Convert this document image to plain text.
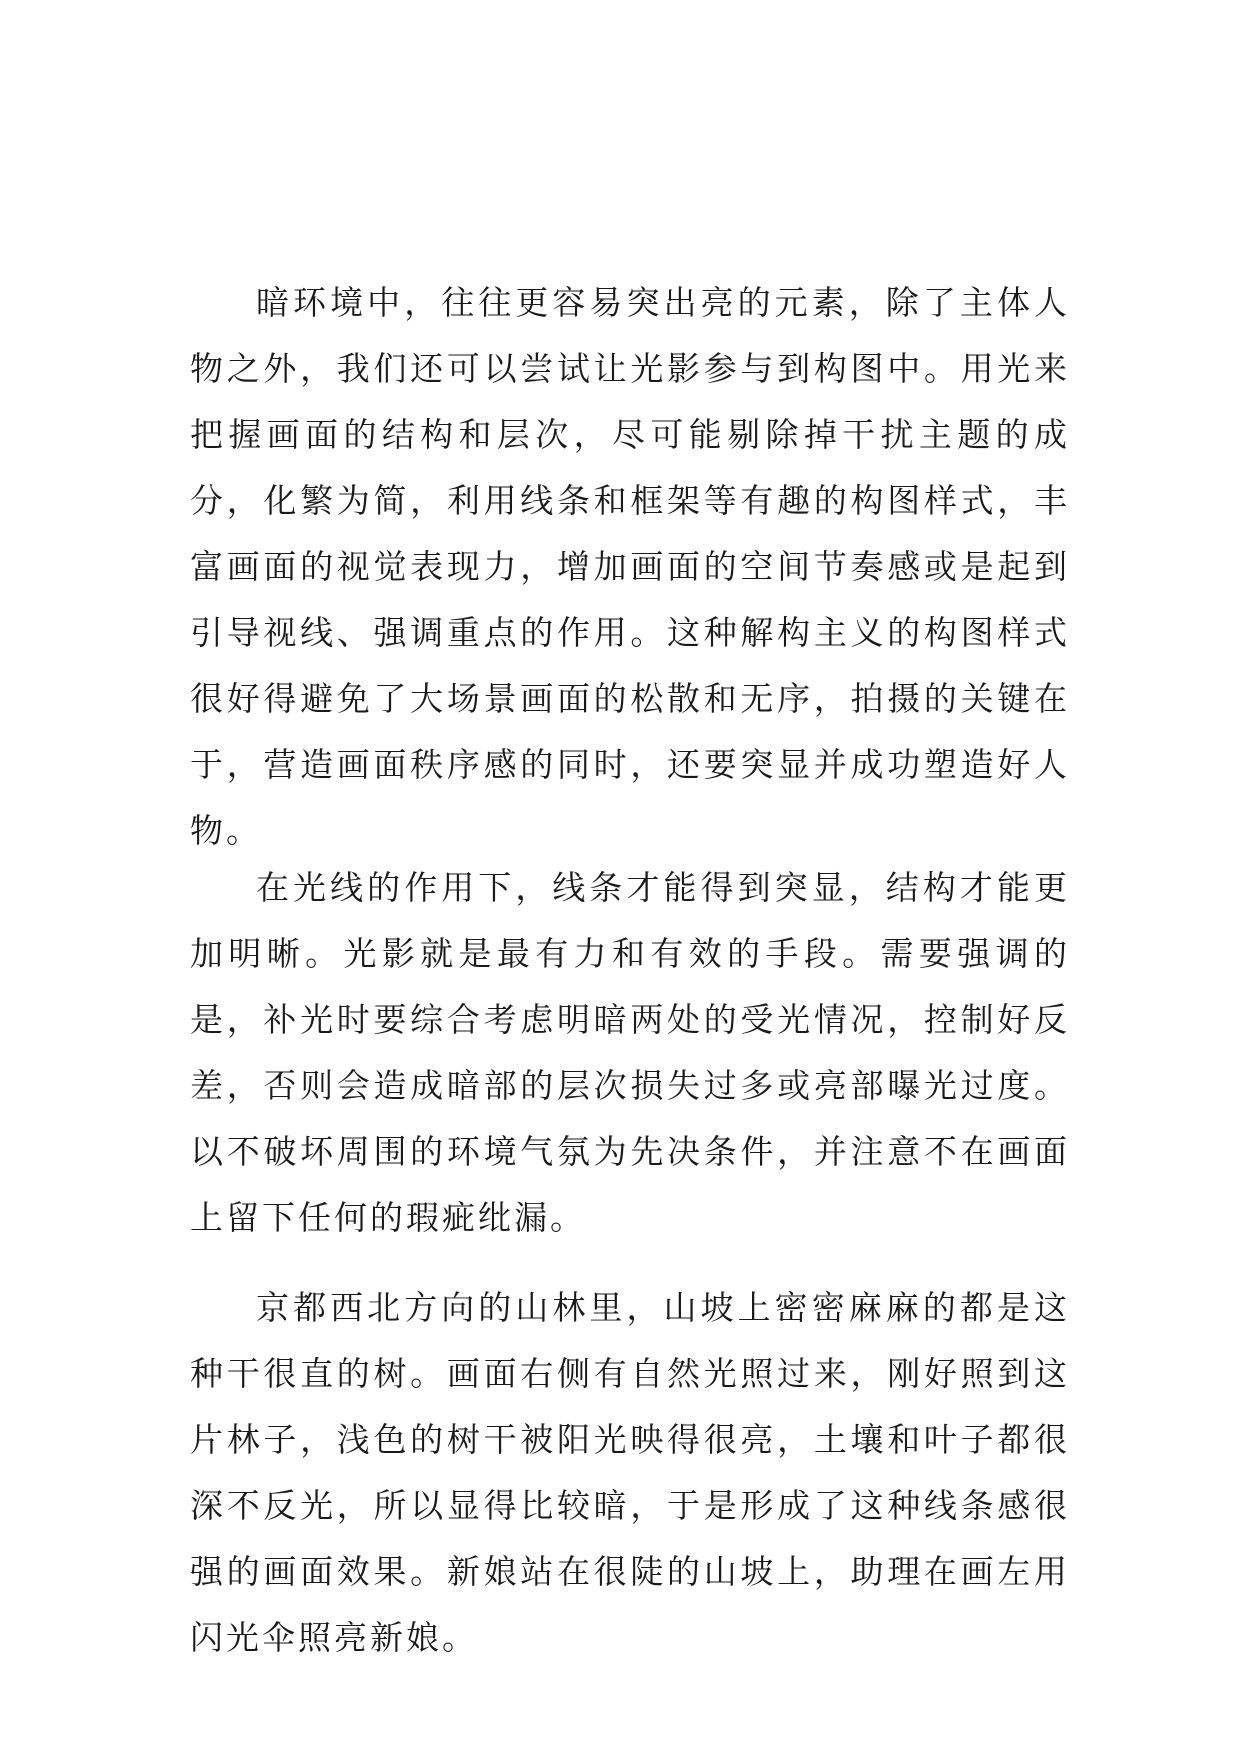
暗环境中，往往更容易突出亮的元素，除了主体人物之外，我们还可以尝试让光影参与到构图中。用光来把握画面的结构和层次，尽可能剔除掉干扰主题的成分，化繁为简，利用线条和框架等有趣的构图样式，丰富画面的视觉表现力，增加画面的空间节奏感或是起到引导视线、强调重点的作用。这种解构主义的构图样式很好得避免了大场景画面的松散和无序，拍摄的关键在于，营造画面秩序感的同时，还要突显并成功塑造好人物。

在光线的作用下，线条才能得到突显，结构才能更加明晰。光影就是最有力和有效的手段。需要强调的是，补光时要综合考虑明暗两处的受光情况，控制好反差，否则会造成暗部的层次损失过多或亮部曝光过度。以不破坏周围的环境气氛为先决条件，并注意不在画面上留下任何的瑕疵纰漏。

京都西北方向的山林里，山坡上密密麻麻的都是这种干很直的树。画面右侧有自然光照过来，刚好照到这片林子，浅色的树干被阳光映得很亮，土壤和叶子都很深不反光，所以显得比较暗，于是形成了这种线条感很强的画面效果。新娘站在很陡的山坡上，助理在画左用闪光伞照亮新娘。
